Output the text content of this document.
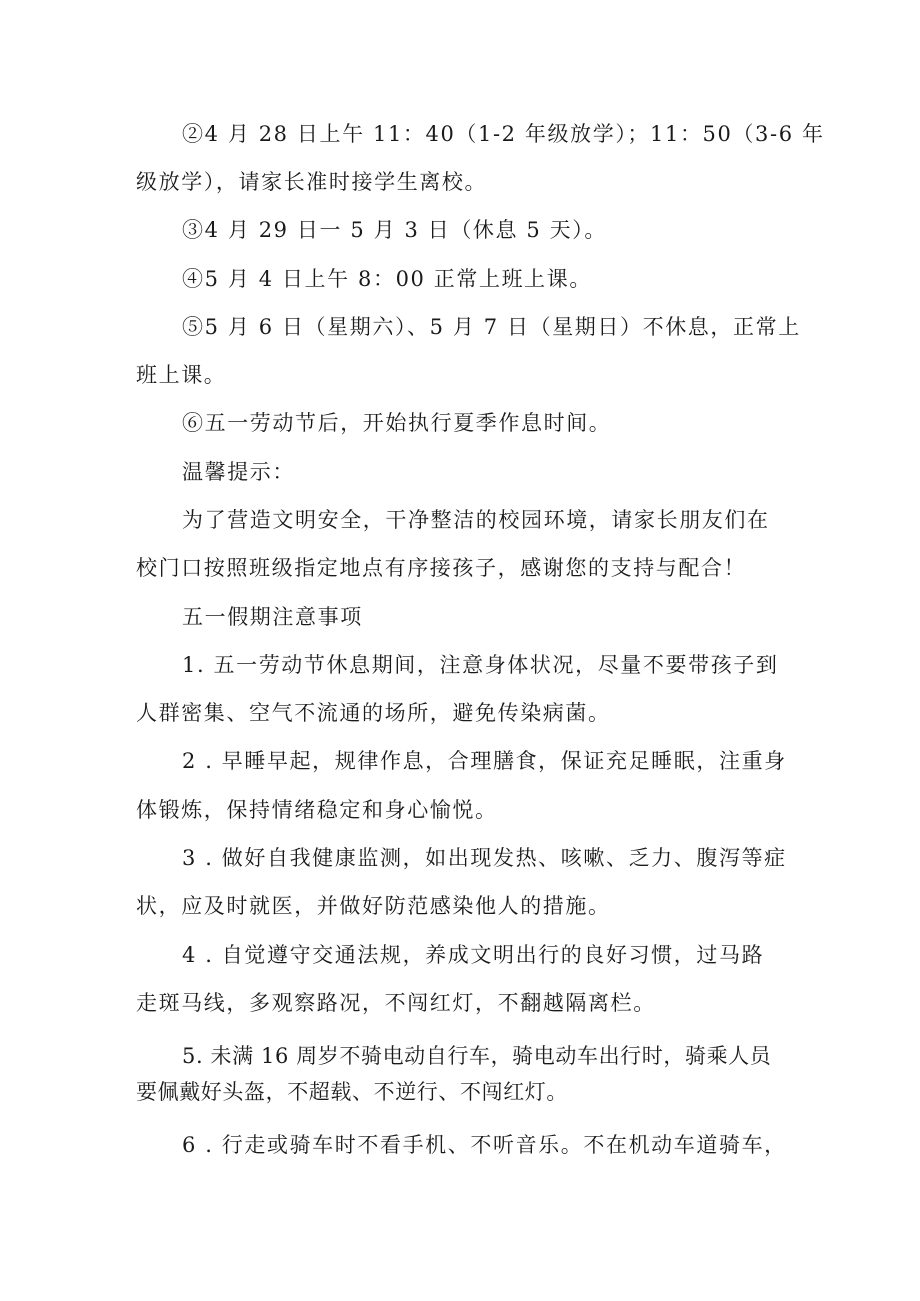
②4 月 28 日上午 11：40（1-2 年级放学）；11：50（3-6 年
级放学），请家长准时接学生离校。
③4 月 29 日一 5 月 3 日（休息 5 天）。
④5 月 4 日上午 8：00 正常上班上课。
⑤5 月 6 日（星期六）、5 月 7 日（星期日）不休息，正常上
班上课。
⑥五一劳动节后，开始执行夏季作息时间。
温馨提示：
为了营造文明安全，干净整洁的校园环境，请家长朋友们在
校门口按照班级指定地点有序接孩子，感谢您的支持与配合！
五一假期注意事项
1. 五一劳动节休息期间，注意身体状况，尽量不要带孩子到
人群密集、空气不流通的场所，避免传染病菌。
2 . 早睡早起，规律作息，合理膳食，保证充足睡眠，注重身
体锻炼，保持情绪稳定和身心愉悦。
3 . 做好自我健康监测，如出现发热、咳嗽、乏力、腹泻等症
状，应及时就医，并做好防范感染他人的措施。
4 . 自觉遵守交通法规，养成文明出行的良好习惯，过马路
走斑马线，多观察路况，不闯红灯，不翻越隔离栏。
5. 未满 16 周岁不骑电动自行车，骑电动车出行时，骑乘人员
要佩戴好头盔，不超载、不逆行、不闯红灯。
6 . 行走或骑车时不看手机、不听音乐。不在机动车道骑车，
